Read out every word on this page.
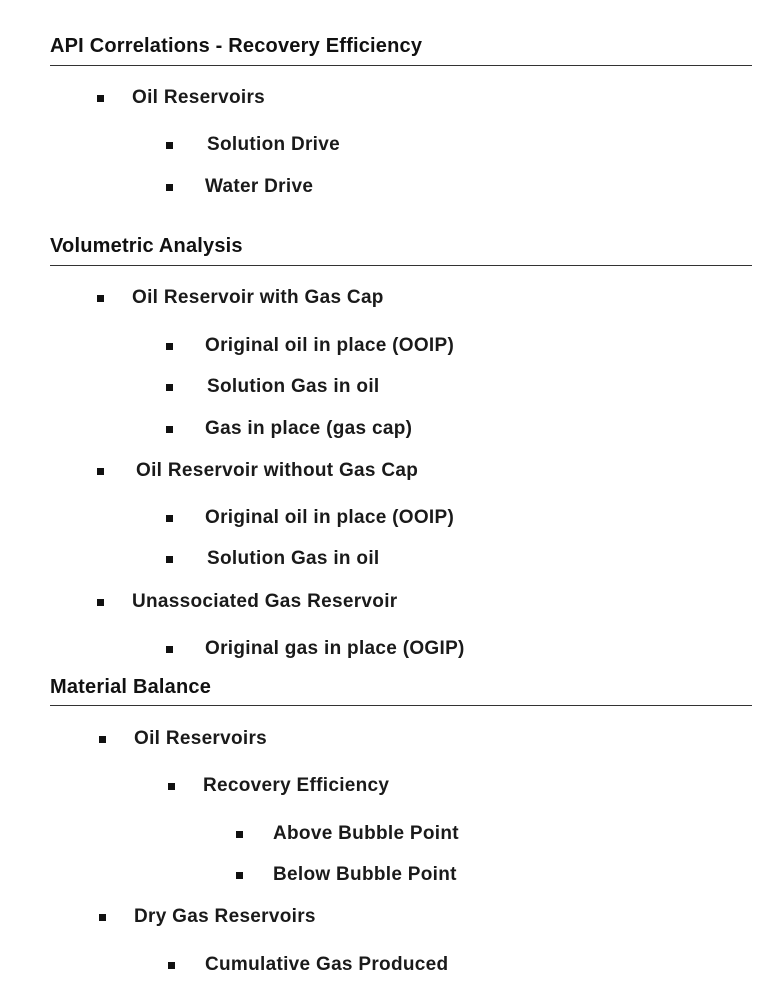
API Correlations - Recovery Efficiency
Oil Reservoirs
Solution Drive
Water Drive
Volumetric Analysis
Oil Reservoir with Gas Cap
Original oil in place (OOIP)
Solution Gas in oil
Gas in place (gas cap)
Oil Reservoir without Gas Cap
Original oil in place (OOIP)
Solution Gas in oil
Unassociated Gas Reservoir
Original gas in place (OGIP)
Material Balance
Oil Reservoirs
Recovery Efficiency
Above Bubble Point
Below Bubble Point
Dry Gas Reservoirs
Cumulative Gas Produced
